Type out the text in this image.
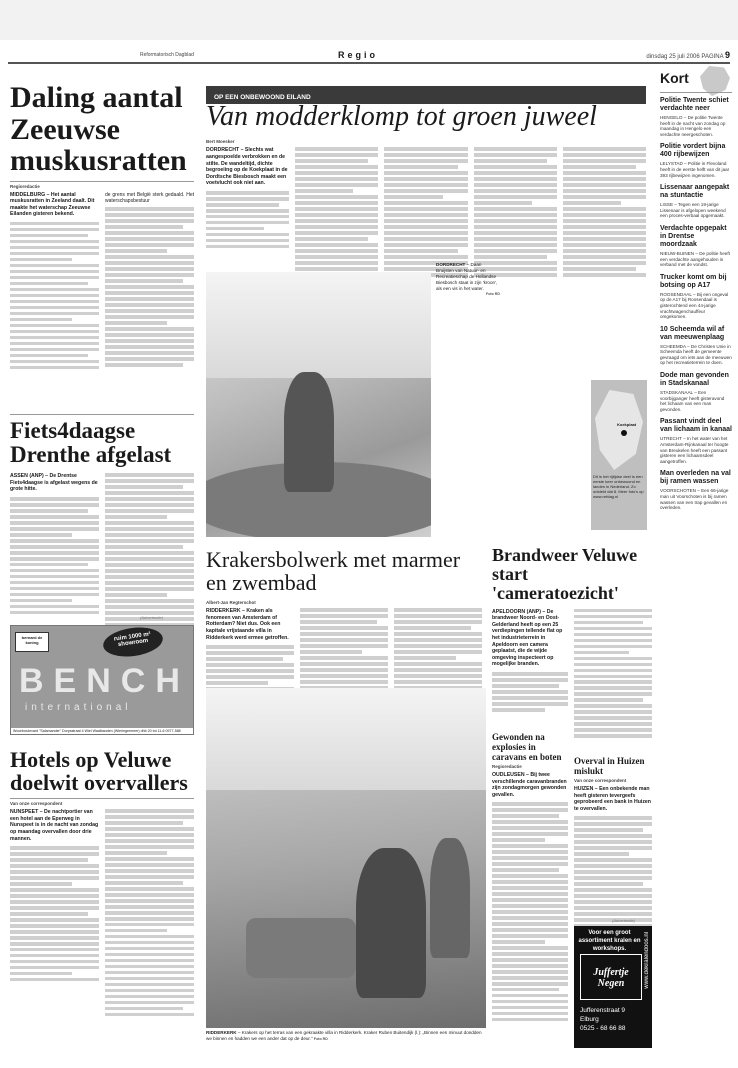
Reformatorisch Dagblad	Regio	dinsdag 25 juli 2006 PAGINA 9
Daling aantal Zeeuwse muskusratten
Regioredactie
MIDDELBURG – Het aantal muskusratten in Zeeland daalt. Dit maakte het waterschap Zeeuwse Eilanden gisteren bekend.
de grens met België sterk gedaald. Het waterschapsbestuur
Fiets4daagse Drenthe afgelast
ASSEN (ANP) – De Drentse Fiets4daagse is afgelast wegens de grote hitte.
(Advertentie)
bernard de koning	ruim 1000 m² showroom
BENCH
international
Woonboulevard "Salamander" Dorpsstraat 4 Wiel Waalbanden (Wieringermeer) dhb 20 tot 11-6 0977-588
Hotels op Veluwe doelwit overvallers
Van onze correspondent
NUNSPEET – De nachtportier van een hotel aan de Eperweg in Nunspeet is in de nacht van zondag op maandag overvallen door drie mannen.
OP EEN ONBEWOOND EILAND
Van modderklomp tot groen juweel
Bert Moesker
DORDRECHT – Slechts wat aangespoelde verbrokken en de stilte. De wandeltijd, dichte begroeiing op de Koekplaat in de Dordtsche Biesbosch maakt een voetvlucht ook niet aan.
DORDRECHT – Daan Bruijsten van Natuur- en Recreatieschap de Hollandse Biesbosch staat in zijn 'kroon', als een vis in het water.
Foto RD
Koekplaat
Dit is het rijtijdse deel is een eerste keer onbewoond en landen in Nederland. Zo ontdekt dat 8. Meer foto's op www.refdag.nl
Krakersbolwerk met marmer en zwembad
Albert-Jan Regterschot
RIDDERKERK – Kraken als fenomeen van Amsterdam of Rotterdam? Niet dus. Ook een kapitale vrijstaande villa in Ridderkerk werd ermee getroffen.
RIDDERKERK – Krakers op het terras van een gekraakte villa in Ridderkerk. Kraker Ruben Buitendijk (l.): „Binnen een minuut dondden we binnen en hadden we een ander dat op de deur." Foto RD
Brandweer Veluwe start 'cameratoezicht'
APELDOORN (ANP) – De brandweer Noord- en Oost-Gelderland heeft op een 25 verdiepingen tellende flat op het industrieterrein in Apeldoorn een camera geplaatst, die de wijde omgeving inspecteert op mogelijke branden.
Gewonden na explosies in caravans en boten
Regioredactie
OUDLEUSEN – Bij twee verschillende caravanbranden zijn zondagmorgen gewonden gevallen.
Overval in Huizen mislukt
Van onze correspondent
HUIZEN – Een onbekende man heeft gisteren tevergeefs geprobeerd een bank in Huizen te overvallen.
(Advertentie)
Voor een groot assortiment kralen en workshops.
Juffertje Negen
Jufferenstraat 9
Elburg
0525 - 68 66 88
www.dekralendoos.nl
Kort
Politie Twente schiet verdachte neer
HENGELO – De politie Twente heeft in de nacht van zondag op maandag in Hengelo een verdachte neergeschoten.
Politie vordert bijna 400 rijbewijzen
LELYSTAD – Politie in Flevoland heeft in de eerste helft van dit jaar 393 rijbewijzen ingenomen.
Lissenaar aangepakt na stuntactie
LISSE – Tegen een 19-jarige Lissenaar is afgelopen weekend een proces-verbaal opgemaakt.
Verdachte opgepakt in Drentse moordzaak
NIEUW-BUINEN – De politie heeft een verdachte aangehouden in verband met de vondst.
Trucker komt om bij botsing op A17
ROOSENDAAL – Bij een ongeval op de A17 bij Roosendaal is gisterochtend een 44-jarige vrachtwagenchauffeur omgekomen.
10 Scheemda wil af van meeuwenplaag
SCHEEMDA – De Christen Unie in Scheemda heeft de gemeente gevraagd om iets aan de meeuwen op het recreatieterrein te doen.
Dode man gevonden in Stadskanaal
STADSKANAAL – Een voorbijganger heeft gisteravond het lichaam van een man gevonden.
Passant vindt deel van lichaam in kanaal
UTRECHT – In het water van het Amsterdam-Rijnkanaal ter hoogte van Breukelen heeft een passant gisteren een lichaamsdeel aangetroffen.
Man overleden na val bij ramen wassen
VOORSCHOTEN – Een 66-jarige man uit Voorschoten is bij ramen wassen van een trap gevallen en overleden.
